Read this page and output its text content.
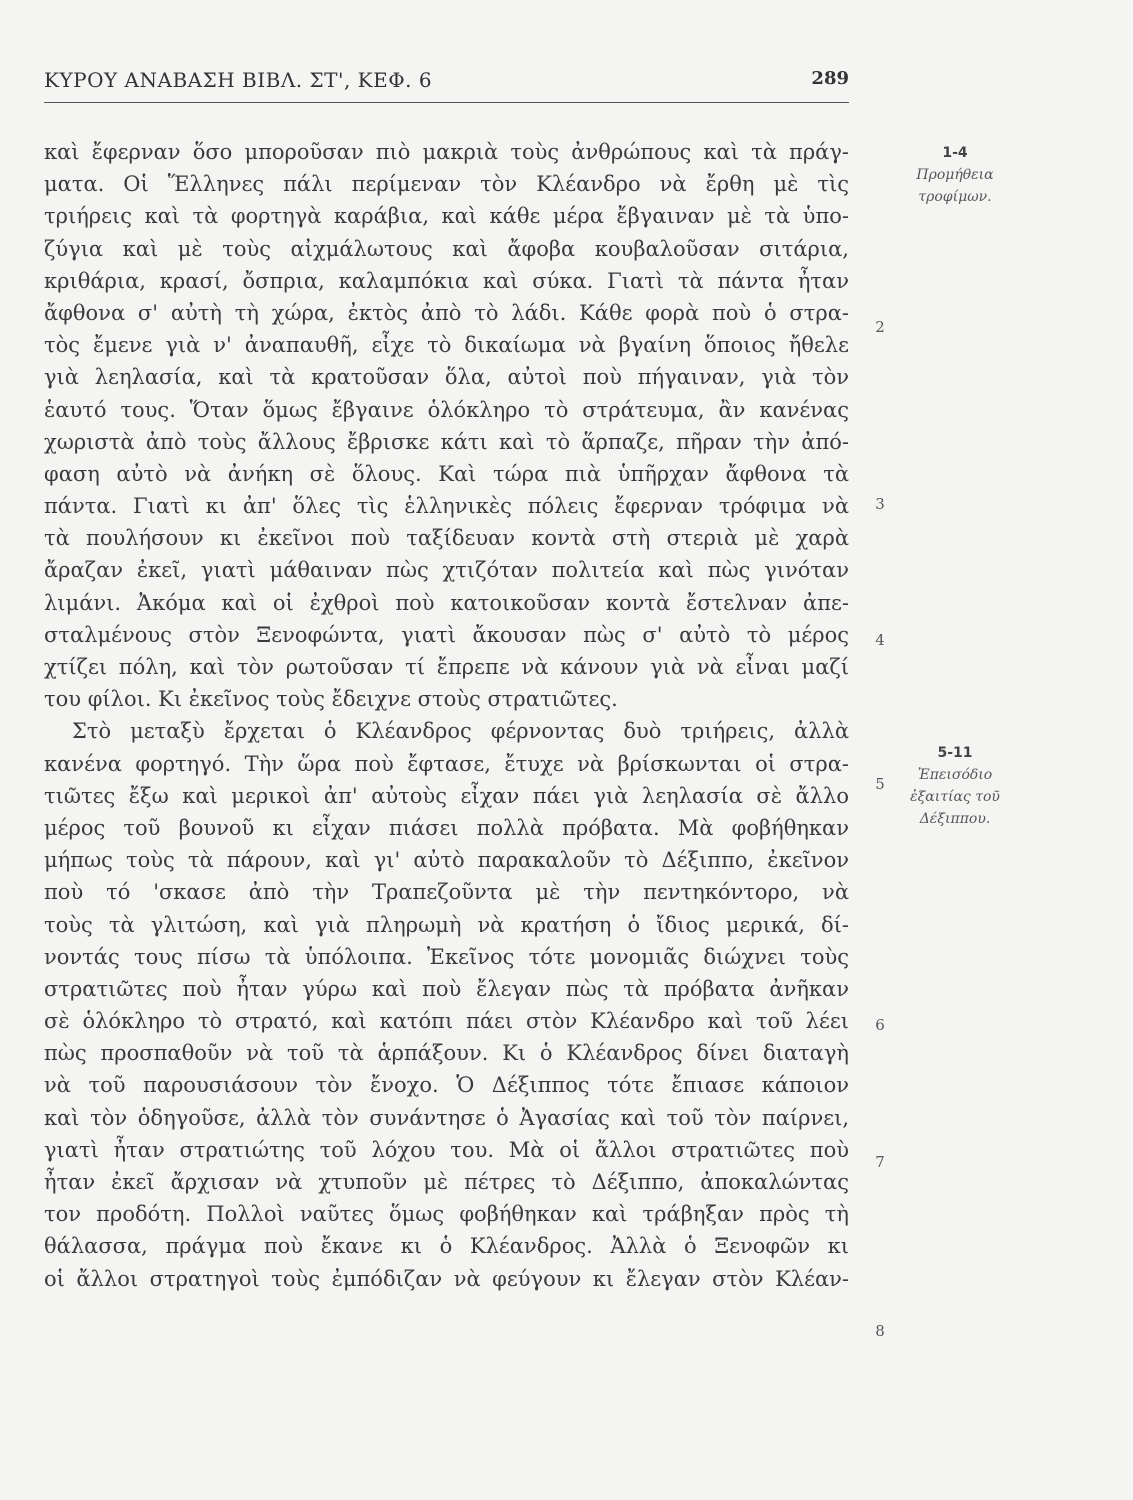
ΚΥΡΟΥ ΑΝΑΒΑΣΗ ΒΙΒΛ. ΣΤ', ΚΕΦ. 6	289
καὶ ἔφερναν ὅσο μποροῦσαν πιὸ μακριὰ τοὺς ἀνθρώπους καὶ τὰ πράγ-
ματα. Οἱ Ἕλληνες πάλι περίμεναν τὸν Κλέανδρο νὰ ἔρθη μὲ τὶς
τριήρεις καὶ τὰ φορτηγὰ καράβια, καὶ κάθε μέρα ἔβγαιναν μὲ τὰ ὑπο-
ζύγια καὶ μὲ τοὺς αἰχμάλωτους καὶ ἄφοβα κουβαλοῦσαν σιτάρια,
κριθάρια, κρασί, ὄσπρια, καλαμπόκια καὶ σύκα. Γιατὶ τὰ πάντα ἦταν
ἄφθονα σ' αὐτὴ τὴ χώρα, ἐκτὸς ἀπὸ τὸ λάδι. Κάθε φορὰ ποὺ ὁ στρα-
τὸς ἔμενε γιὰ ν' ἀναπαυθῆ, εἶχε τὸ δικαίωμα νὰ βγαίνη ὅποιος ἤθελε
γιὰ λεηλασία, καὶ τὰ κρατοῦσαν ὅλα, αὐτοὶ ποὺ πήγαιναν, γιὰ τὸν
ἑαυτό τους. Ὅταν ὅμως ἔβγαινε ὁλόκληρο τὸ στράτευμα, ἂν κανένας
χωριστὰ ἀπὸ τοὺς ἄλλους ἔβρισκε κάτι καὶ τὸ ἅρπαζε, πῆραν τὴν ἀπό-
φαση αὐτὸ νὰ ἀνήκη σὲ ὅλους. Καὶ τώρα πιὰ ὑπῆρχαν ἄφθονα τὰ
πάντα. Γιατὶ κι ἀπ' ὅλες τὶς ἑλληνικὲς πόλεις ἔφερναν τρόφιμα νὰ
τὰ πουλήσουν κι ἐκεῖνοι ποὺ ταξίδευαν κοντὰ στὴ στεριὰ μὲ χαρὰ
ἄραζαν ἐκεῖ, γιατὶ μάθαιναν πὼς χτιζόταν πολιτεία καὶ πὼς γινόταν
λιμάνι. Ἀκόμα καὶ οἱ ἐχθροὶ ποὺ κατοικοῦσαν κοντὰ ἔστελναν ἀπε-
σταλμένους στὸν Ξενοφώντα, γιατὶ ἄκουσαν πὼς σ' αὐτὸ τὸ μέρος
χτίζει πόλη, καὶ τὸν ρωτοῦσαν τί ἔπρεπε νὰ κάνουν γιὰ νὰ εἶναι μαζί
του φίλοι. Κι ἐκεῖνος τοὺς ἔδειχνε στοὺς στρατιῶτες.
Στὸ μεταξὺ ἔρχεται ὁ Κλέανδρος φέρνοντας δυὸ τριήρεις, ἀλλὰ
κανένα φορτηγό. Τὴν ὥρα ποὺ ἔφτασε, ἔτυχε νὰ βρίσκωνται οἱ στρα-
τιῶτες ἔξω καὶ μερικοὶ ἀπ' αὐτοὺς εἶχαν πάει γιὰ λεηλασία σὲ ἄλλο
μέρος τοῦ βουνοῦ κι εἶχαν πιάσει πολλὰ πρόβατα. Μὰ φοβήθηκαν
μήπως τοὺς τὰ πάρουν, καὶ γι' αὐτὸ παρακαλοῦν τὸ Δέξιππο, ἐκεῖνον
ποὺ τό 'σκασε ἀπὸ τὴν Τραπεζοῦντα μὲ τὴν πεντηκόντορο, νὰ
τοὺς τὰ γλιτώση, καὶ γιὰ πληρωμὴ νὰ κρατήση ὁ ἴδιος μερικά, δί-
νοντάς τους πίσω τὰ ὑπόλοιπα. Ἐκεῖνος τότε μονομιᾶς διώχνει τοὺς
στρατιῶτες ποὺ ἦταν γύρω καὶ ποὺ ἔλεγαν πὼς τὰ πρόβατα ἀνῆκαν
σὲ ὁλόκληρο τὸ στρατό, καὶ κατόπι πάει στὸν Κλέανδρο καὶ τοῦ λέει
πὼς προσπαθοῦν νὰ τοῦ τὰ ἁρπάξουν. Κι ὁ Κλέανδρος δίνει διαταγὴ
νὰ τοῦ παρουσιάσουν τὸν ἔνοχο. Ὁ Δέξιππος τότε ἔπιασε κάποιον
καὶ τὸν ὁδηγοῦσε, ἀλλὰ τὸν συνάντησε ὁ Ἀγασίας καὶ τοῦ τὸν παίρνει,
γιατὶ ἦταν στρατιώτης τοῦ λόχου του. Μὰ οἱ ἄλλοι στρατιῶτες ποὺ
ἦταν ἐκεῖ ἄρχισαν νὰ χτυποῦν μὲ πέτρες τὸ Δέξιππο, ἀποκαλώντας
τον προδότη. Πολλοὶ ναῦτες ὅμως φοβήθηκαν καὶ τράβηξαν πρὸς τὴ
θάλασσα, πράγμα ποὺ ἔκανε κι ὁ Κλέανδρος. Ἀλλὰ ὁ Ξενοφῶν κι
οἱ ἄλλοι στρατηγοὶ τοὺς ἐμπόδιζαν νὰ φεύγουν κι ἔλεγαν στὸν Κλέαν-
2
3
4
5
6
7
8
1-4
Προμήθεια
τροφίμων.
5-11
Ἐπεισόδιο
ἐξαιτίας τοῦ
Δέξιππου.
